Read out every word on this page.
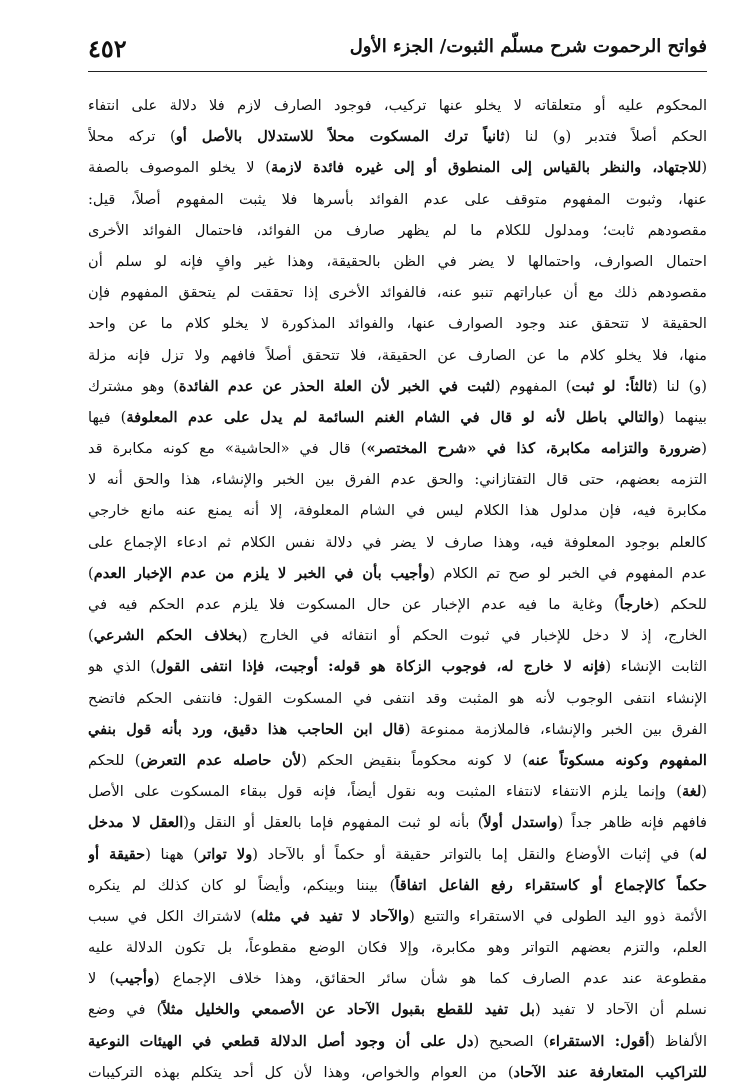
فواتح الرحموت شرح مسلّم الثبوت/ الجزء الأول
٤٥٢
المحكوم عليه أو متعلقاته لا يخلو عنها تركيب، فوجود الصارف لازم فلا دلالة على انتفاء
الحكم أصلاً فتدبر (و) لنا (ثانياً ترك المسكوت محلاً للاستدلال بالأصل أو) تركه محلاً
(للاجتهاد، والنظر بالقياس إلى المنطوق أو إلى غيره فائدة لازمة) لا يخلو الموصوف بالصفة
عنها، وثبوت المفهوم متوقف على عدم الفوائد بأسرها فلا يثبت المفهوم أصلاً، قيل:
مقصودهم ثابت؛ ومدلول للكلام ما لم يظهر صارف من الفوائد، فاحتمال الفوائد الأخرى
احتمال الصوارف، واحتمالها لا يضر في الظن بالحقيقة، وهذا غير وافٍ فإنه لو سلم أن
مقصودهم ذلك مع أن عباراتهم تنبو عنه، فالفوائد الأخرى إذا تحققت لم يتحقق المفهوم فإن
الحقيقة لا تتحقق عند وجود الصوارف عنها، والفوائد المذكورة لا يخلو كلام ما عن واحد
منها، فلا يخلو كلام ما عن الصارف عن الحقيقة، فلا تتحقق أصلاً فافهم ولا تزل فإنه مزلة
(و) لنا (ثالثاً: لو ثبت) المفهوم (لثبت في الخبر لأن العلة الحذر عن عدم الفائدة) وهو مشترك
بينهما (والتالي باطل لأنه لو قال في الشام الغنم السائمة لم يدل على عدم المعلوفة) فيها
(ضرورة والتزامه مكابرة، كذا في «شرح المختصر») قال في «الحاشية» مع كونه مكابرة قد
التزمه بعضهم، حتى قال التفتازاني: والحق عدم الفرق بين الخبر والإنشاء، هذا والحق أنه لا
مكابرة فيه، فإن مدلول هذا الكلام ليس في الشام المعلوفة، إلا أنه يمنع عنه مانع خارجي
كالعلم بوجود المعلوفة فيه، وهذا صارف لا يضر في دلالة نفس الكلام ثم ادعاء الإجماع على
عدم المفهوم في الخبر لو صح تم الكلام (وأجيب بأن في الخبر لا يلزم من عدم الإخبار العدم)
للحكم (خارجاً) وغاية ما فيه عدم الإخبار عن حال المسكوت فلا يلزم عدم الحكم فيه في
الخارج، إذ لا دخل للإخبار في ثبوت الحكم أو انتفائه في الخارج (بخلاف الحكم الشرعي)
الثابت الإنشاء (فإنه لا خارج له، فوجوب الزكاة هو قوله: أوجبت، فإذا انتفى القول) الذي هو
الإنشاء انتفى الوجوب لأنه هو المثبت وقد انتفى في المسكوت القول: فانتفى الحكم فاتضح
الفرق بين الخبر والإنشاء، فالملازمة ممنوعة (قال ابن الحاجب هذا دقيق، ورد بأنه قول بنفي
المفهوم وكونه مسكوتاً عنه) لا كونه محكوماً بنقيض الحكم (لأن حاصله عدم التعرض) للحكم
(لغة) وإنما يلزم الانتفاء لانتفاء المثبت وبه نقول أيضاً، فإنه قول ببقاء المسكوت على الأصل
فافهم فإنه ظاهر جداً (واستدل أولاً) بأنه لو ثبت المفهوم فإما بالعقل أو النقل و(العقل لا مدخل
له) في إثبات الأوضاع والنقل إما بالتواتر حقيقة أو حكماً أو بالآحاد (ولا تواتر) ههنا (حقيقة أو
حكماً كالإجماع أو كاستقراء رفع الفاعل اتفاقاً) بيننا وبينكم، وأيضاً لو كان كذلك لم ينكره
الأئمة ذوو اليد الطولى في الاستقراء والتتبع (والآحاد لا تفيد في مثله) لاشتراك الكل في سبب
العلم، والتزم بعضهم التواتر وهو مكابرة، وإلا فكان الوضع مقطوعاً، بل تكون الدلالة عليه
مقطوعة عند عدم الصارف كما هو شأن سائر الحقائق، وهذا خلاف الإجماع (وأجيب) لا
نسلم أن الآحاد لا تفيد (بل تفيد للقطع بقبول الآحاد عن الأصمعي والخليل مثلاً) في وضع
الألفاظ (أقول: الاستقراء) الصحيح (دل على أن وجود أصل الدلالة قطعي في الهيئات النوعية
للتراكيب المتعارفة عند الآحاد) من العوام والخواص، وهذا لأن كل أحد يتكلم بهذه التركيبات
